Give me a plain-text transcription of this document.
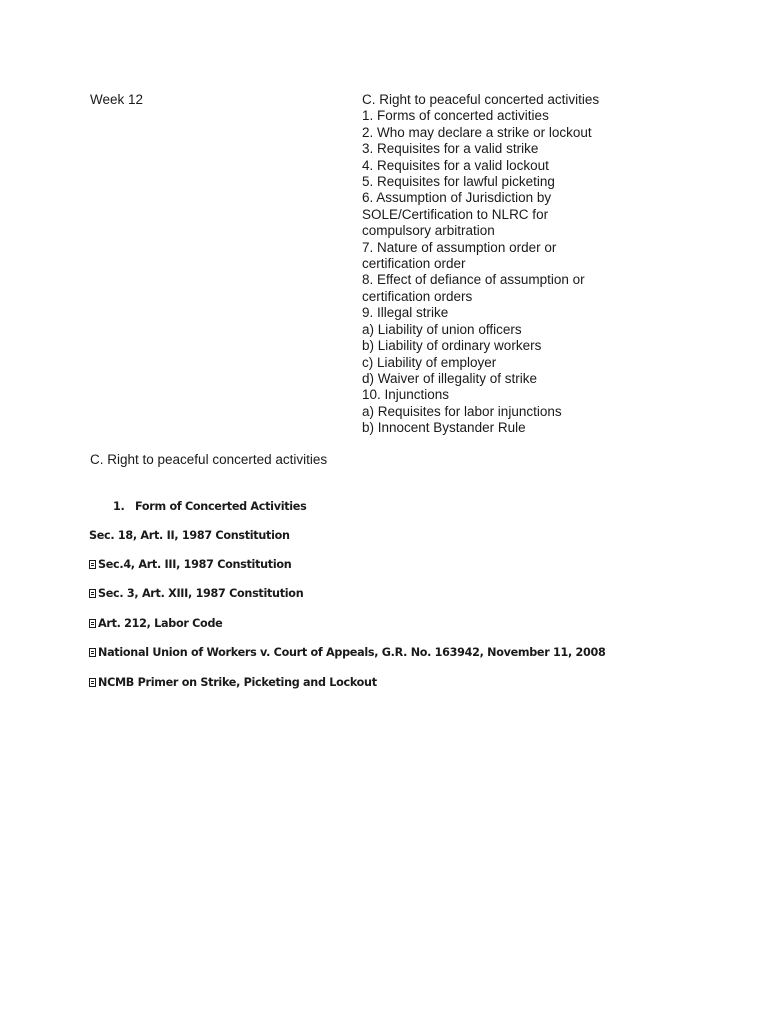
Week 12	C. Right to peaceful concerted activities
1. Forms of concerted activities
2. Who may declare a strike or lockout
3. Requisites for a valid strike
4. Requisites for a valid lockout
5. Requisites for lawful picketing
6. Assumption of Jurisdiction by
SOLE/Certification to NLRC for
compulsory arbitration
7. Nature of assumption order or
certification order
8. Effect of defiance of assumption or
certification orders
9. Illegal strike
a) Liability of union officers
b) Liability of ordinary workers
c) Liability of employer
d) Waiver of illegality of strike
10. Injunctions
a) Requisites for labor injunctions
b) Innocent Bystander Rule
C. Right to peaceful concerted activities
1. Form of Concerted Activities
Sec. 18, Art. II, 1987 Constitution
Sec.4, Art. III, 1987 Constitution
Sec. 3, Art. XIII, 1987 Constitution
Art. 212, Labor Code
National Union of Workers v. Court of Appeals, G.R. No. 163942, November 11, 2008
NCMB Primer on Strike, Picketing and Lockout
